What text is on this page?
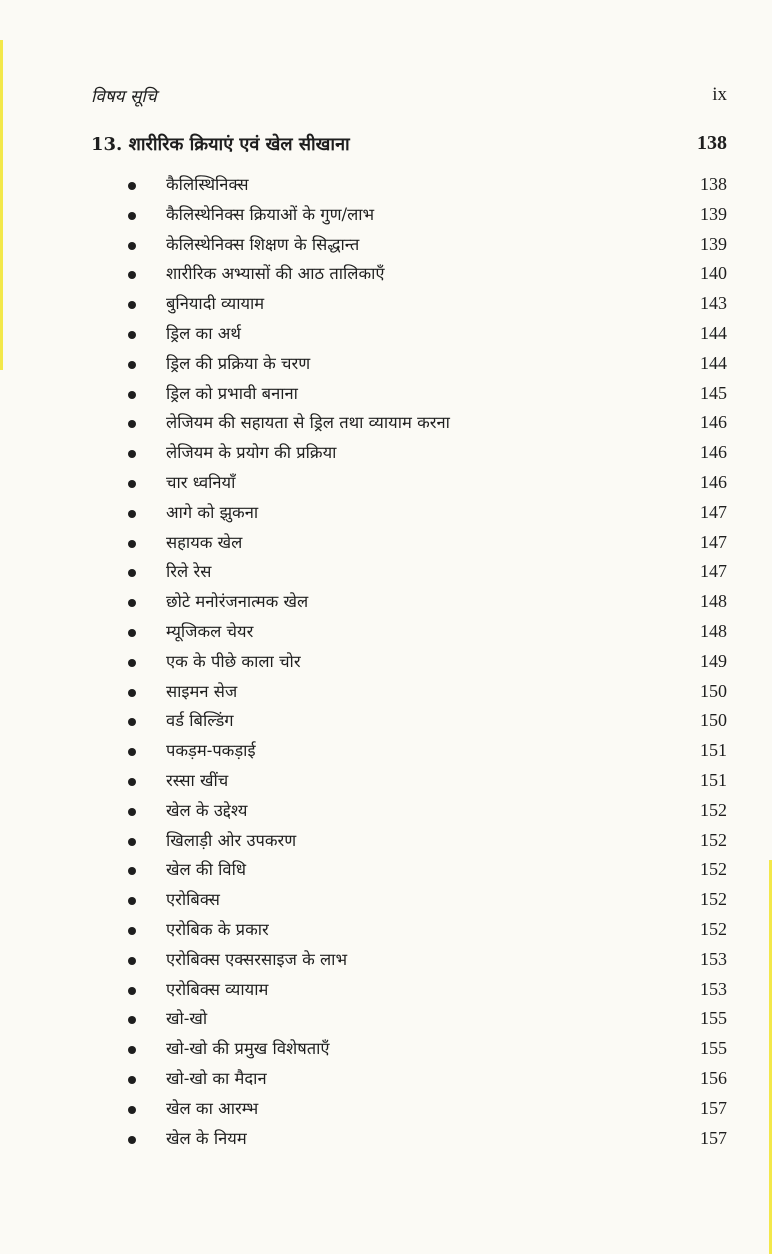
विषय सूचि	ix
13. शारीरिक क्रियाएं एवं खेल सीखाना	138
कैलिस्थिनिक्स	138
कैलिस्थेनिक्स क्रियाओं के गुण/लाभ	139
केलिस्थेनिक्स शिक्षण के सिद्धान्त	139
शारीरिक अभ्यासों की आठ तालिकाएँ	140
बुनियादी व्यायाम	143
ड्रिल का अर्थ	144
ड्रिल की प्रक्रिया के चरण	144
ड्रिल को प्रभावी बनाना	145
लेजियम की सहायता से ड्रिल तथा व्यायाम करना	146
लेजियम के प्रयोग की प्रक्रिया	146
चार ध्वनियाँ	146
आगे को झुकना	147
सहायक खेल	147
रिले रेस	147
छोटे मनोरंजनात्मक खेल	148
म्यूजिकल चेयर	148
एक के पीछे काला चोर	149
साइमन सेज	150
वर्ड बिल्डिंग	150
पकड़म-पकड़ाई	151
रस्सा खींच	151
खेल के उद्देश्य	152
खिलाड़ी ओर उपकरण	152
खेल की विधि	152
एरोबिक्स	152
एरोबिक के प्रकार	152
एरोबिक्स एक्सरसाइज के लाभ	153
एरोबिक्स व्यायाम	153
खो-खो	155
खो-खो की प्रमुख विशेषताएँ	155
खो-खो का मैदान	156
खेल का आरम्भ	157
खेल के नियम	157
